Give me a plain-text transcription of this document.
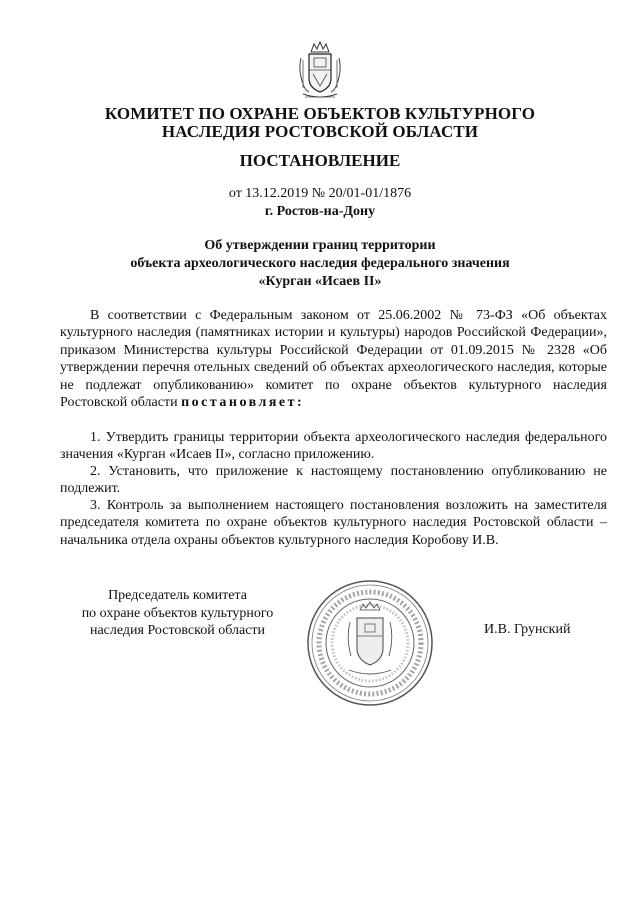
КОМИТЕТ ПО ОХРАНЕ ОБЪЕКТОВ КУЛЬТУРНОГО
НАСЛЕДИЯ РОСТОВСКОЙ ОБЛАСТИ
ПОСТАНОВЛЕНИЕ
от 13.12.2019 № 20/01-01/1876
г. Ростов-на-Дону
Об утверждении границ территории
объекта археологического наследия федерального значения
«Курган «Исаев II»
В соответствии с Федеральным законом от 25.06.2002 № 73-ФЗ «Об объектах культурного наследия (памятниках истории и культуры) народов Российской Федерации», приказом Министерства культуры Российской Федерации от 01.09.2015 № 2328 «Об утверждении перечня отельных сведений об объектах археологического наследия, которые не подлежат опубликованию» комитет по охране объектов культурного наследия Ростовской области постановляет:
1. Утвердить границы территории объекта археологического наследия федерального значения «Курган «Исаев II», согласно приложению.
2. Установить, что приложение к настоящему постановлению опубликованию не подлежит.
3. Контроль за выполнением настоящего постановления возложить на заместителя председателя комитета по охране объектов культурного наследия Ростовской области – начальника отдела охраны объектов культурного наследия Коробову И.В.
Председатель комитета
по охране объектов культурного
наследия Ростовской области	И.В. Грунский
